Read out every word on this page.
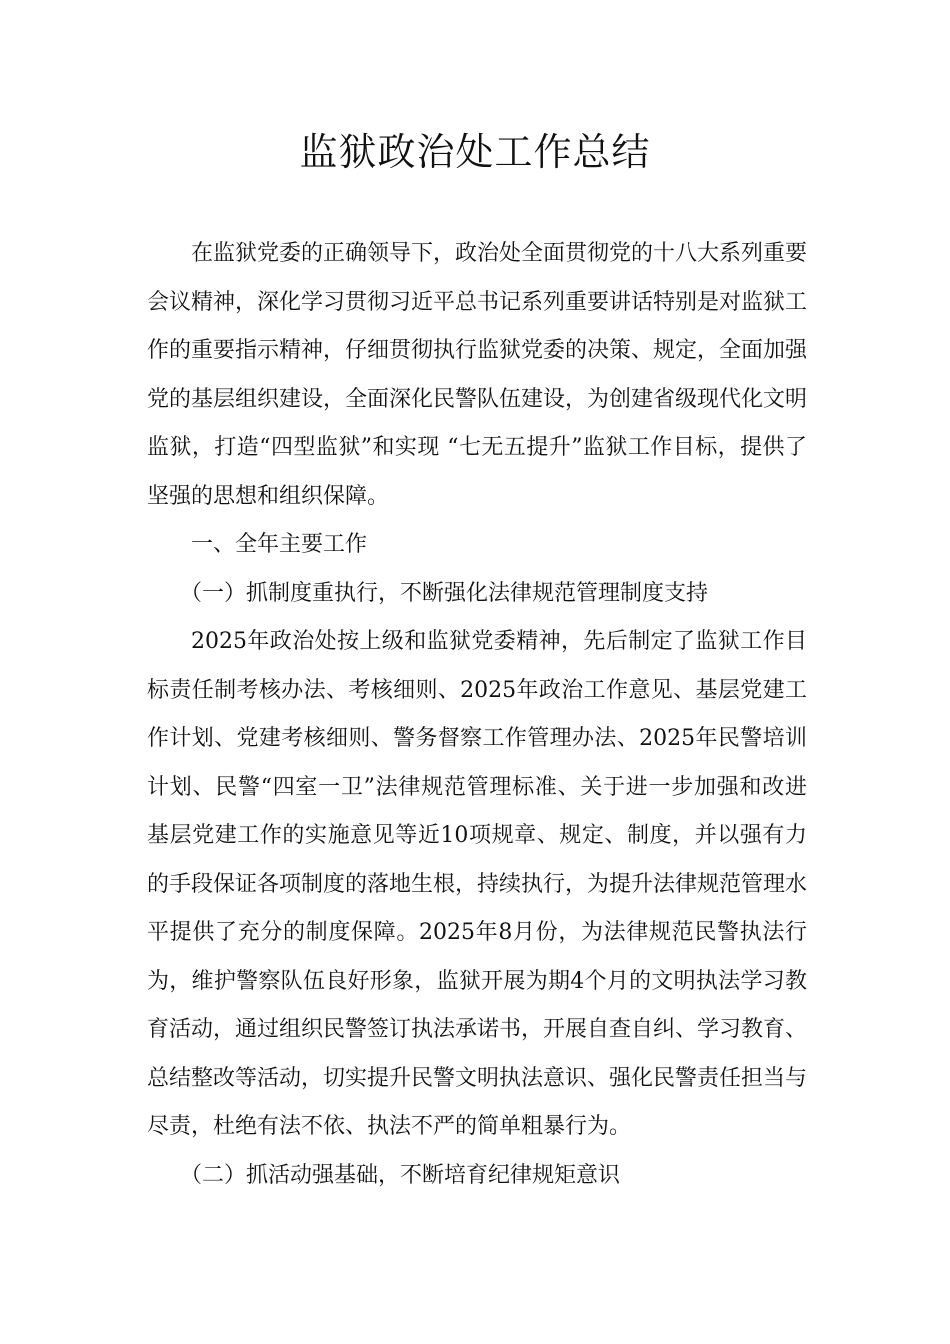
监狱政治处工作总结

在监狱党委的正确领导下，政治处全面贯彻党的十八大系列重要会议精神，深化学习贯彻习近平总书记系列重要讲话特别是对监狱工作的重要指示精神，仔细贯彻执行监狱党委的决策、规定，全面加强党的基层组织建设，全面深化民警队伍建设，为创建省级现代化文明监狱，打造“四型监狱”和实现 “七无五提升”监狱工作目标，提供了坚强的思想和组织保障。

一、全年主要工作

（一）抓制度重执行，不断强化法律规范管理制度支持

2025年政治处按上级和监狱党委精神，先后制定了监狱工作目标责任制考核办法、考核细则、2025年政治工作意见、基层党建工作计划、党建考核细则、警务督察工作管理办法、2025年民警培训计划、民警“四室一卫”法律规范管理标准、关于进一步加强和改进基层党建工作的实施意见等近10项规章、规定、制度，并以强有力的手段保证各项制度的落地生根，持续执行，为提升法律规范管理水平提供了充分的制度保障。2025年8月份，为法律规范民警执法行为，维护警察队伍良好形象，监狱开展为期4个月的文明执法学习教育活动，通过组织民警签订执法承诺书，开展自查自纠、学习教育、总结整改等活动，切实提升民警文明执法意识、强化民警责任担当与尽责，杜绝有法不依、执法不严的简单粗暴行为。

（二）抓活动强基础，不断培育纪律规矩意识
